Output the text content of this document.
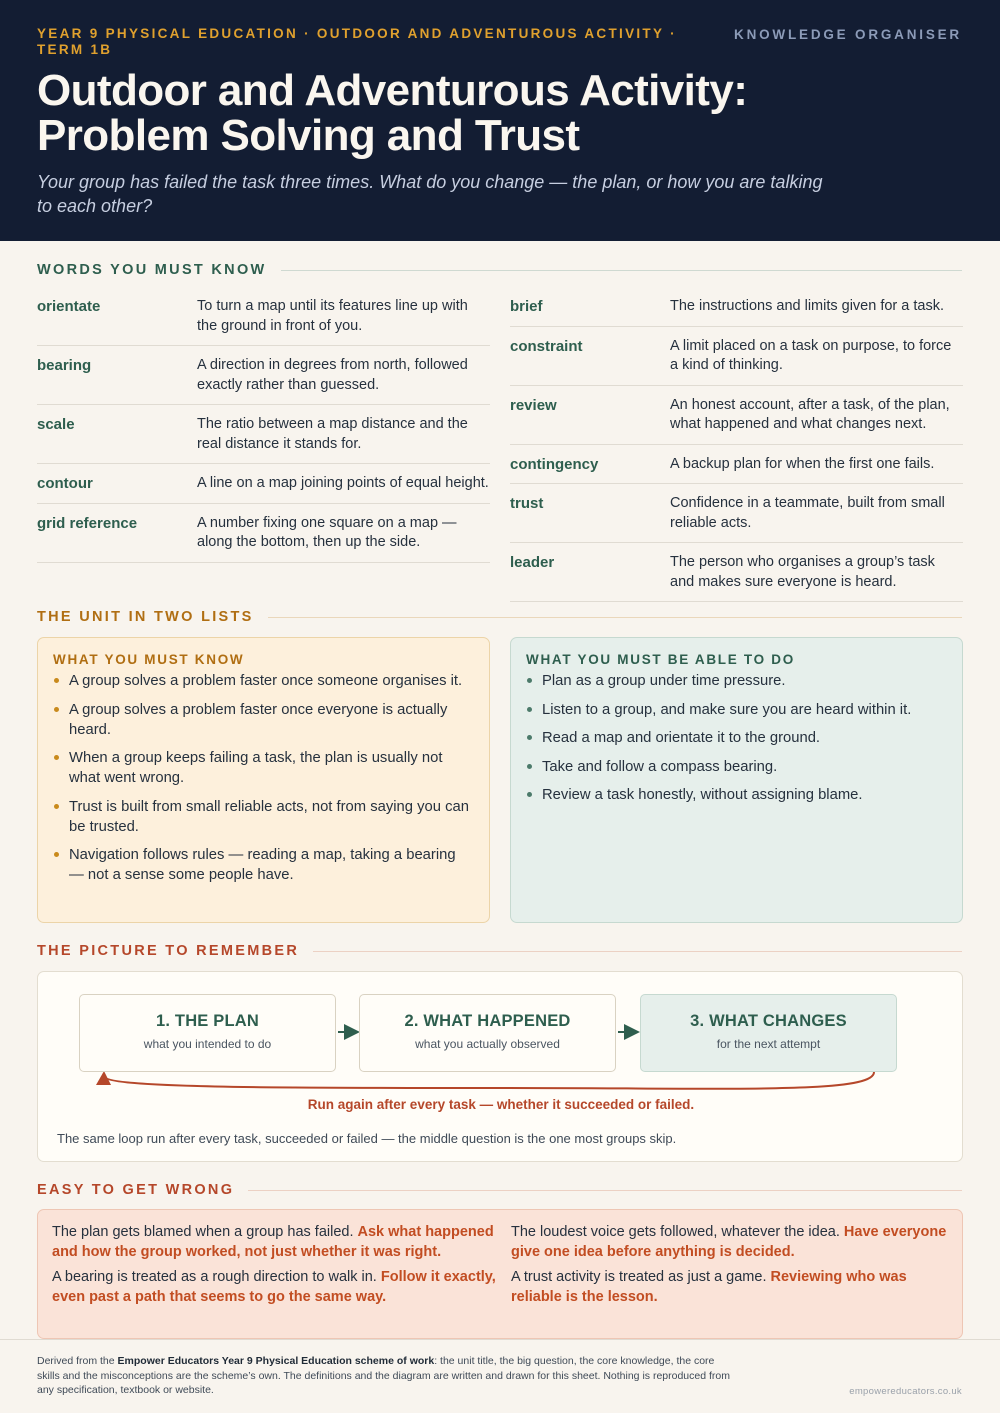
YEAR 9 PHYSICAL EDUCATION · OUTDOOR AND ADVENTUROUS ACTIVITY · TERM 1B
KNOWLEDGE ORGANISER
Outdoor and Adventurous Activity:
Problem Solving and Trust
Your group has failed the task three times. What do you change — the plan, or how you are talking to each other?
WORDS YOU MUST KNOW
orientate	To turn a map until its features line up with the ground in front of you.
bearing	A direction in degrees from north, followed exactly rather than guessed.
scale	The ratio between a map distance and the real distance it stands for.
contour	A line on a map joining points of equal height.
grid reference	A number fixing one square on a map — along the bottom, then up the side.
brief	The instructions and limits given for a task.
constraint	A limit placed on a task on purpose, to force a kind of thinking.
review	An honest account, after a task, of the plan, what happened and what changes next.
contingency	A backup plan for when the first one fails.
trust	Confidence in a teammate, built from small reliable acts.
leader	The person who organises a group’s task and makes sure everyone is heard.
THE UNIT IN TWO LISTS
WHAT YOU MUST KNOW
A group solves a problem faster once someone organises it.
A group solves a problem faster once everyone is actually heard.
When a group keeps failing a task, the plan is usually not what went wrong.
Trust is built from small reliable acts, not from saying you can be trusted.
Navigation follows rules — reading a map, taking a bearing — not a sense some people have.
WHAT YOU MUST BE ABLE TO DO
Plan as a group under time pressure.
Listen to a group, and make sure you are heard within it.
Read a map and orientate it to the ground.
Take and follow a compass bearing.
Review a task honestly, without assigning blame.
THE PICTURE TO REMEMBER
1. THE PLAN
what you intended to do
2. WHAT HAPPENED
what you actually observed
3. WHAT CHANGES
for the next attempt
Run again after every task — whether it succeeded or failed.
The same loop run after every task, succeeded or failed — the middle question is the one most groups skip.
EASY TO GET WRONG
The plan gets blamed when a group has failed. Ask what happened and how the group worked, not just whether it was right.
The loudest voice gets followed, whatever the idea. Have everyone give one idea before anything is decided.
A bearing is treated as a rough direction to walk in. Follow it exactly, even past a path that seems to go the same way.
A trust activity is treated as just a game. Reviewing who was reliable is the lesson.
Derived from the Empower Educators Year 9 Physical Education scheme of work: the unit title, the big question, the core knowledge, the core skills and the misconceptions are the scheme’s own. The definitions and the diagram are written and drawn for this sheet. Nothing is reproduced from any specification, textbook or website.	empowereducators.co.uk
